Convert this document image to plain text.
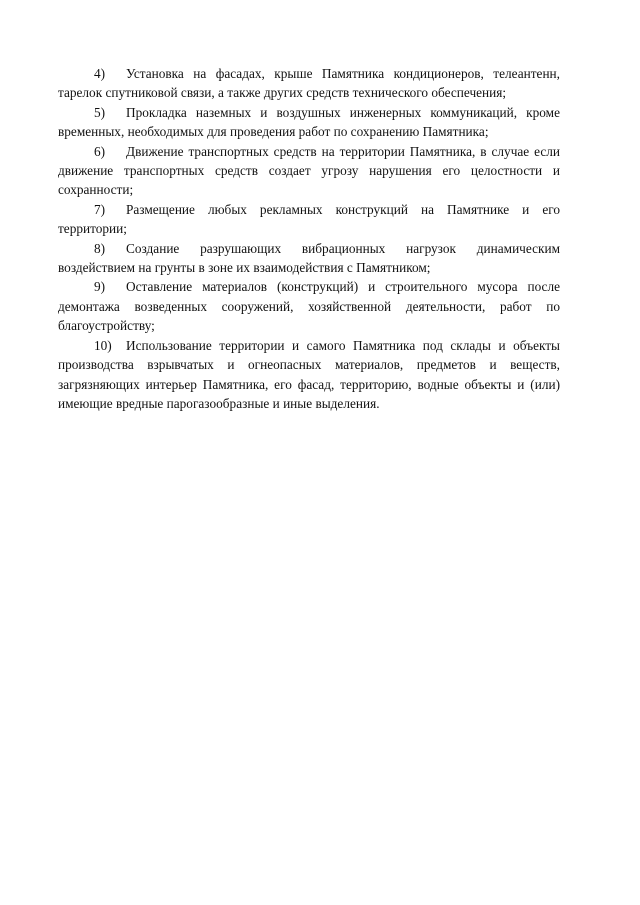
4) Установка на фасадах, крыше Памятника кондиционеров, телеантенн, тарелок спутниковой связи, а также других средств технического обеспечения;

5) Прокладка наземных и воздушных инженерных коммуникаций, кроме временных, необходимых для проведения работ по сохранению Памятника;

6) Движение транспортных средств на территории Памятника, в случае если движение транспортных средств создает угрозу нарушения его целостности и сохранности;

7) Размещение любых рекламных конструкций на Памятнике и его территории;

8) Создание разрушающих вибрационных нагрузок динамическим воздействием на грунты в зоне их взаимодействия с Памятником;

9) Оставление материалов (конструкций) и строительного мусора после демонтажа возведенных сооружений, хозяйственной деятельности, работ по благоустройству;

10) Использование территории и самого Памятника под склады и объекты производства взрывчатых и огнеопасных материалов, предметов и веществ, загрязняющих интерьер Памятника, его фасад, территорию, водные объекты и (или) имеющие вредные парогазообразные и иные выделения.
